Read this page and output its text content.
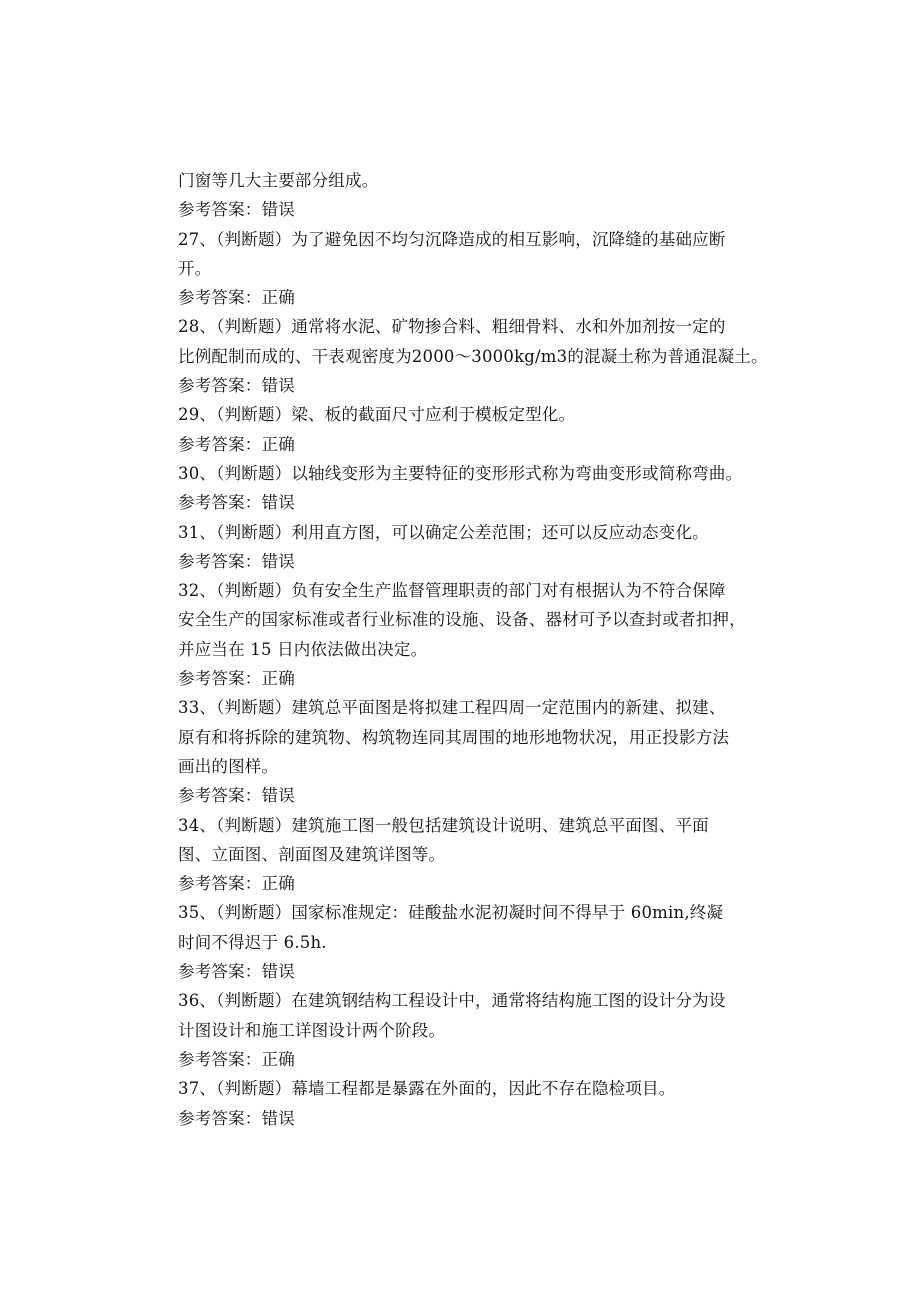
门窗等几大主要部分组成。
参考答案：错误
27、（判断题）为了避免因不均匀沉降造成的相互影响，沉降缝的基础应断
开。
参考答案：正确
28、（判断题）通常将水泥、矿物掺合料、粗细骨料、水和外加剂按一定的
比例配制而成的、干表观密度为2000～3000kg/m3的混凝土称为普通混凝土。
参考答案：错误
29、（判断题）梁、板的截面尺寸应利于模板定型化。
参考答案：正确
30、（判断题）以轴线变形为主要特征的变形形式称为弯曲变形或简称弯曲。
参考答案：错误
31、（判断题）利用直方图，可以确定公差范围；还可以反应动态变化。
参考答案：错误
32、（判断题）负有安全生产监督管理职责的部门对有根据认为不符合保障
安全生产的国家标准或者行业标准的设施、设备、器材可予以查封或者扣押，
并应当在 15 日内依法做出决定。
参考答案：正确
33、（判断题）建筑总平面图是将拟建工程四周一定范围内的新建、拟建、
原有和将拆除的建筑物、构筑物连同其周围的地形地物状况，用正投影方法
画出的图样。
参考答案：错误
34、（判断题）建筑施工图一般包括建筑设计说明、建筑总平面图、平面
图、立面图、剖面图及建筑详图等。
参考答案：正确
35、（判断题）国家标准规定：硅酸盐水泥初凝时间不得早于 60min,终凝
时间不得迟于 6.5h.
参考答案：错误
36、（判断题）在建筑钢结构工程设计中，通常将结构施工图的设计分为设
计图设计和施工详图设计两个阶段。
参考答案：正确
37、（判断题）幕墙工程都是暴露在外面的，因此不存在隐检项目。
参考答案：错误
